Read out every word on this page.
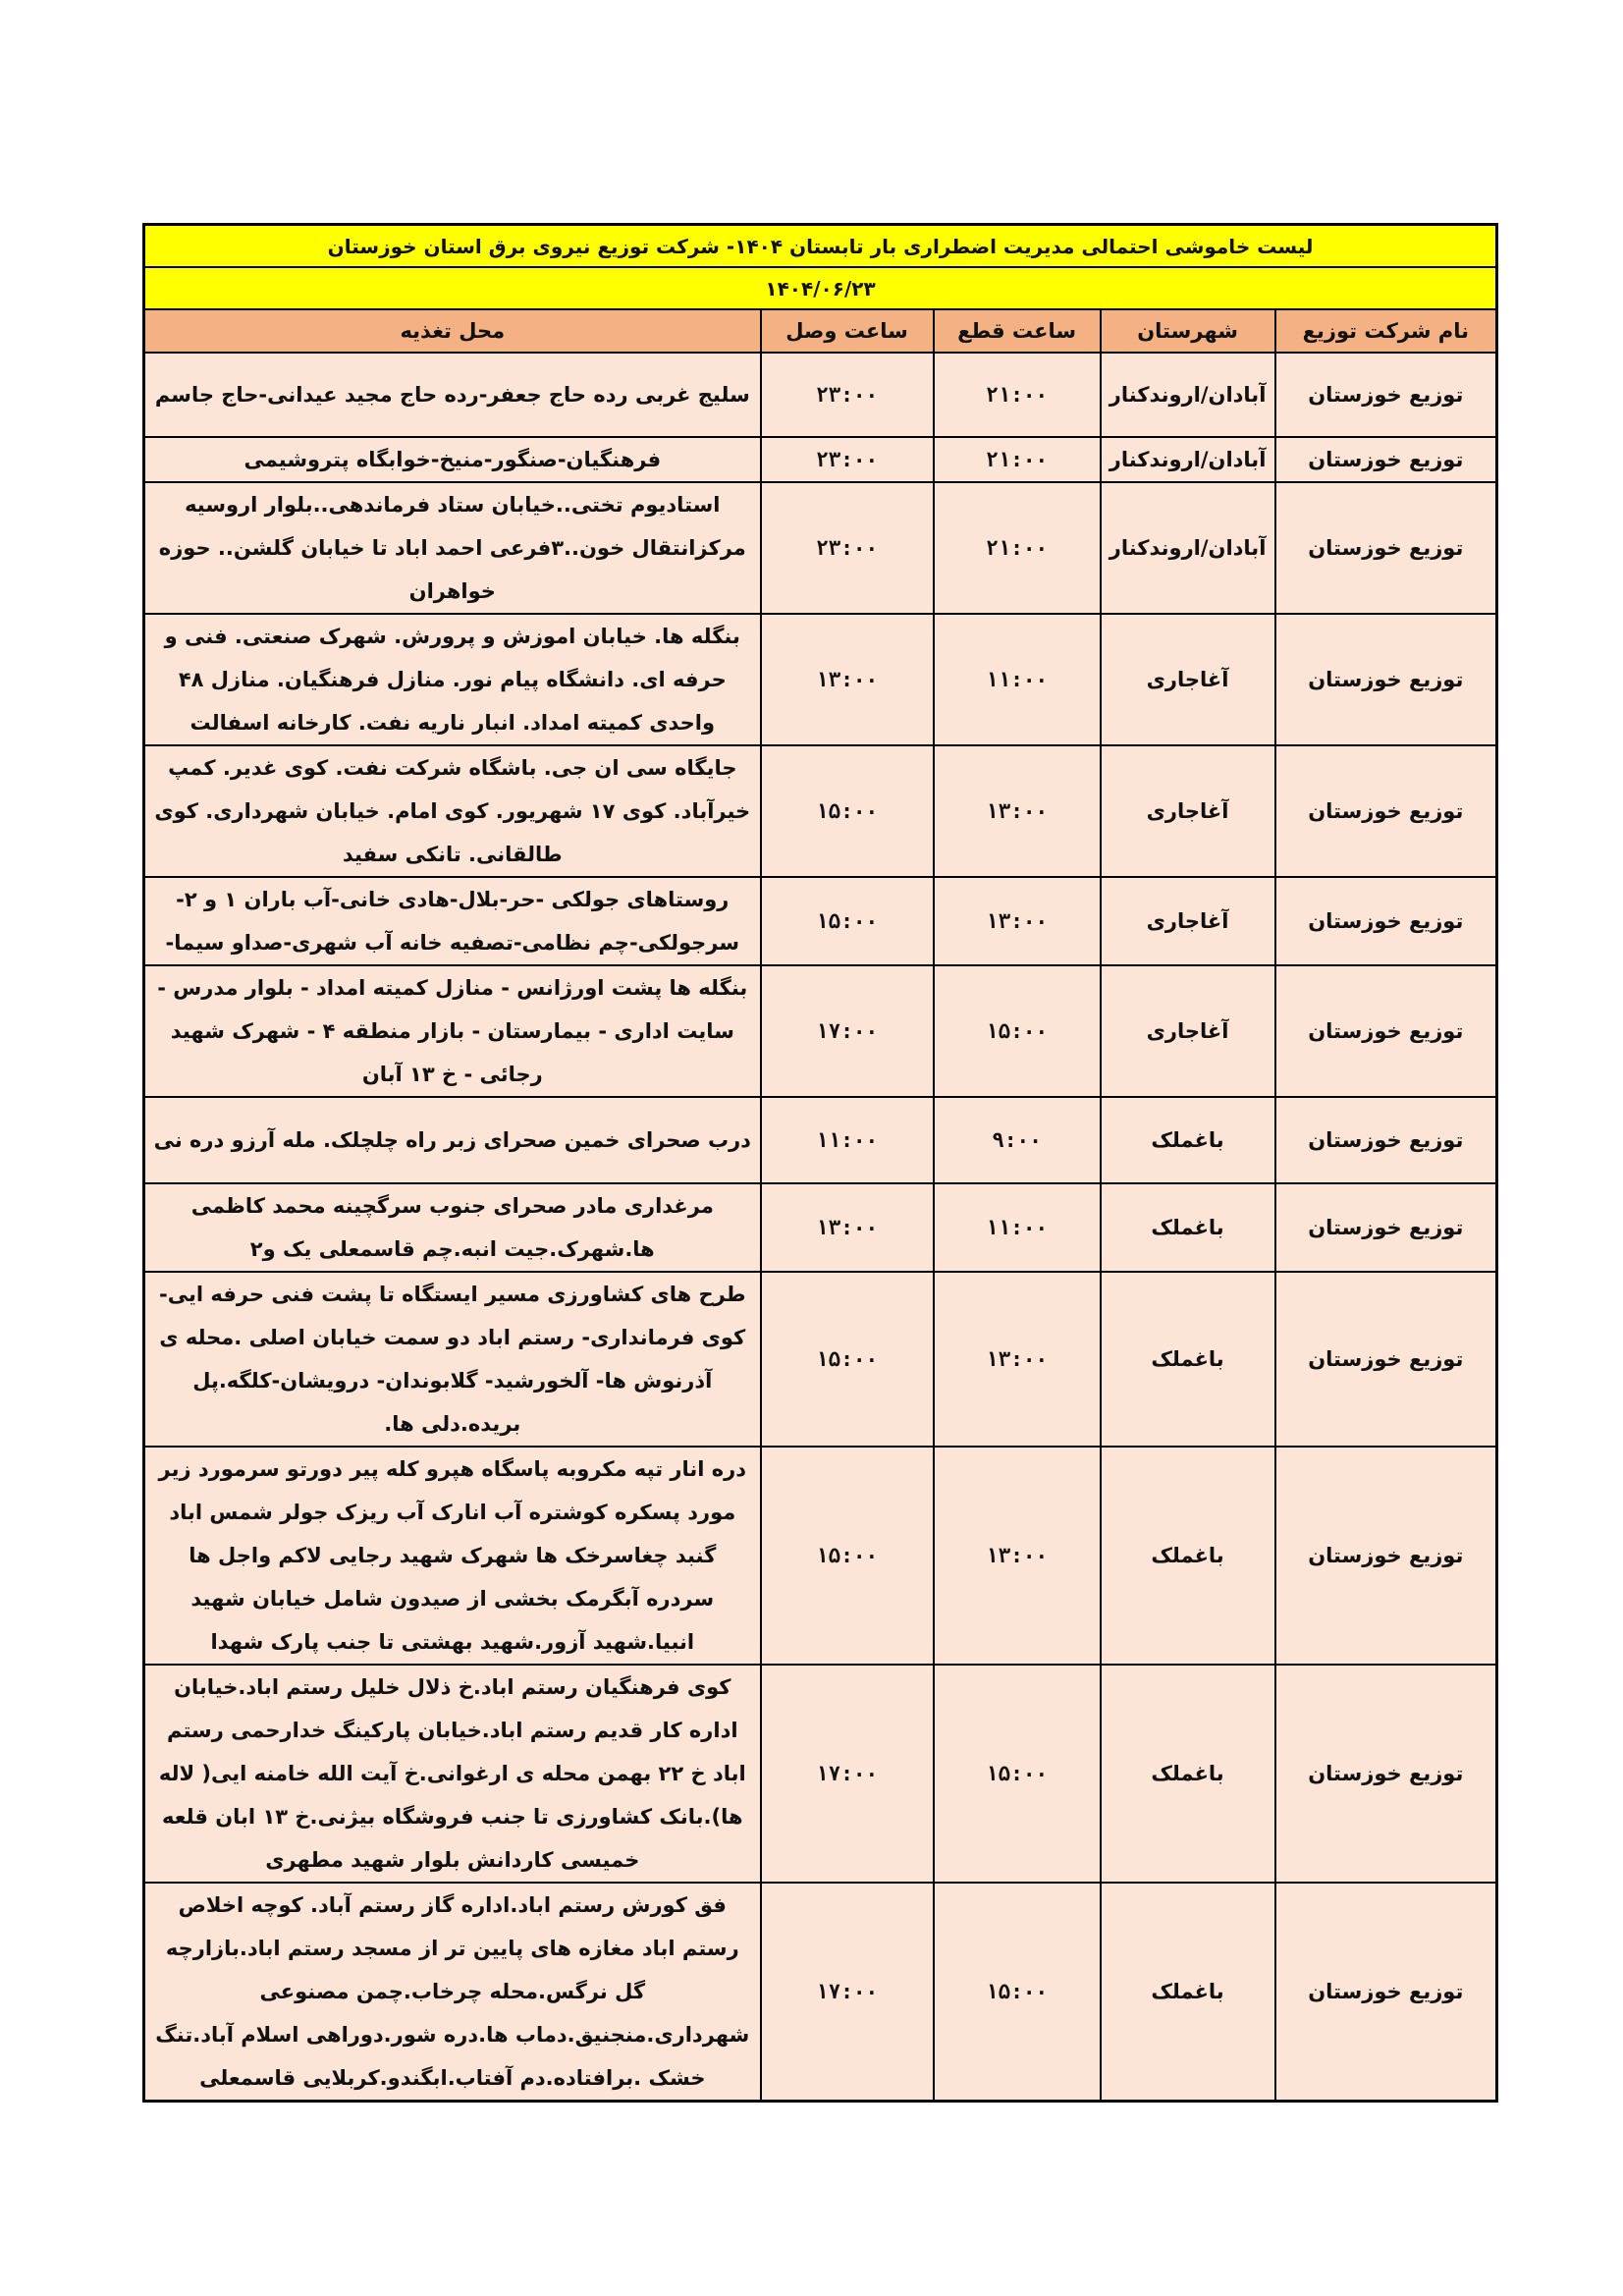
لیست خاموشی احتمالی مدیریت اضطراری بار تابستان ۱۴۰۴- شرکت توزیع نیروی برق استان خوزستان				
۱۴۰۴/۰۶/۲۳				
نام شرکت توزیع	شهرستان	ساعت قطع	ساعت وصل	محل تغذیه
توزیع خوزستان	آبادان/اروندکنار	۲۱:۰۰	۲۳:۰۰	سلیج غربی رده حاج جعفر-رده حاج مجید عیدانی-حاج جاسم
توزیع خوزستان	آبادان/اروندکنار	۲۱:۰۰	۲۳:۰۰	فرهنگیان-صنگور-منیخ-خوابگاه پتروشیمی
توزیع خوزستان	آبادان/اروندکنار	۲۱:۰۰	۲۳:۰۰	استادیوم تختی..خیابان ستاد فرماندهی..بلوار اروسیه مرکزانتقال خون..۳فرعی احمد اباد تا خیابان گلشن.. حوزه خواهران
توزیع خوزستان	آغاجاری	۱۱:۰۰	۱۳:۰۰	بنگله ها. خیابان اموزش و پرورش. شهرک صنعتی. فنی و حرفه ای. دانشگاه پیام نور. منازل فرهنگیان. منازل ۴۸ واحدی کمیته امداد. انبار ناریه نفت. کارخانه اسفالت
توزیع خوزستان	آغاجاری	۱۳:۰۰	۱۵:۰۰	جایگاه سی ان جی. باشگاه شرکت نفت. کوی غدیر. کمپ خیرآباد. کوی ۱۷ شهریور. کوی امام. خیابان شهرداری. کوی طالقانی. تانکی سفید
توزیع خوزستان	آغاجاری	۱۳:۰۰	۱۵:۰۰	روستاهای جولکی -حر-بلال-هادی خانی-آب باران ۱ و ۲- سرجولکی-چم نظامی-تصفیه خانه آب شهری-صداو سیما-
توزیع خوزستان	آغاجاری	۱۵:۰۰	۱۷:۰۰	بنگله ها پشت اورژانس - منازل کمیته امداد - بلوار مدرس - سایت اداری - بیمارستان - بازار منطقه ۴ - شهرک شهید رجائی - خ ۱۳ آبان
توزیع خوزستان	باغملک	۹:۰۰	۱۱:۰۰	درب صحرای خمین صحرای زبر راه چلچلک. مله آرزو دره نی
توزیع خوزستان	باغملک	۱۱:۰۰	۱۳:۰۰	مرغداری مادر صحرای جنوب سرگچینه محمد کاظمی ها.شهرک.جیت انبه.چم قاسمعلی یک و۲
توزیع خوزستان	باغملک	۱۳:۰۰	۱۵:۰۰	طرح های کشاورزی مسیر ایستگاه تا پشت فنی حرفه ایی- کوی فرمانداری- رستم اباد دو سمت خیابان اصلی .محله ی آذرنوش ها- آلخورشید- گلابوندان- درویشان-کلگه.پل بریده.دلی ها.
توزیع خوزستان	باغملک	۱۳:۰۰	۱۵:۰۰	دره انار تپه مکروبه پاسگاه هپرو کله پیر دورتو سرمورد زیر مورد پسکره کوشتره آب انارک آب ریزک جولر شمس اباد گنبد چغاسرخک ها شهرک شهید رجایی لاکم واجل ها سردره آبگرمک بخشی از صیدون شامل خیابان شهید انبیا.شهید آزور.شهید بهشتی تا جنب پارک شهدا
توزیع خوزستان	باغملک	۱۵:۰۰	۱۷:۰۰	کوی فرهنگیان رستم اباد.خ ذلال خلیل رستم اباد.خیابان اداره کار قدیم رستم اباد.خیابان پارکینگ خدارحمی رستم اباد خ ۲۲ بهمن محله ی ارغوانی.خ آیت الله خامنه ایی( لاله ها).بانک کشاورزی تا جنب فروشگاه بیژنی.خ ۱۳ ابان قلعه خمیسی کاردانش بلوار شهید مطهری
توزیع خوزستان	باغملک	۱۵:۰۰	۱۷:۰۰	فق کورش رستم اباد.اداره گاز رستم آباد. کوچه اخلاص رستم اباد مغازه های پایین تر از مسجد رستم اباد.بازارچه گل نرگس.محله چرخاب.چمن مصنوعی شهرداری.منجنیق.دماب ها.دره شور.دوراهی اسلام آباد.تنگ خشک .برافتاده.دم آفتاب.ابگندو.کربلایی قاسمعلی
